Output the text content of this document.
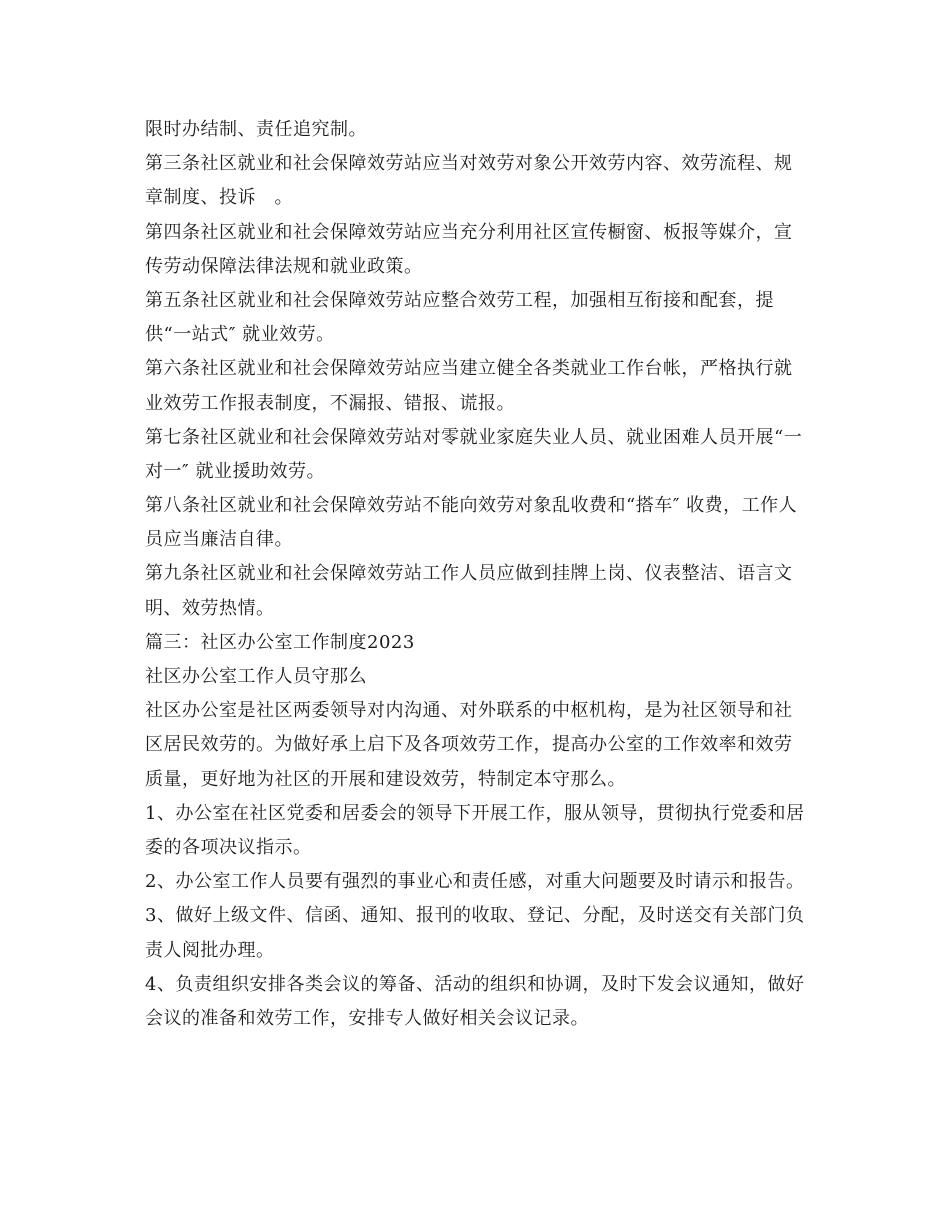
限时办结制、责任追究制。
第三条社区就业和社会保障效劳站应当对效劳对象公开效劳内容、效劳流程、规
章制度、投诉　。
第四条社区就业和社会保障效劳站应当充分利用社区宣传橱窗、板报等媒介，宣
传劳动保障法律法规和就业政策。
第五条社区就业和社会保障效劳站应整合效劳工程，加强相互衔接和配套，提
供“一站式″ 就业效劳。
第六条社区就业和社会保障效劳站应当建立健全各类就业工作台帐，严格执行就
业效劳工作报表制度，不漏报、错报、谎报。
第七条社区就业和社会保障效劳站对零就业家庭失业人员、就业困难人员开展“一
对一″ 就业援助效劳。
第八条社区就业和社会保障效劳站不能向效劳对象乱收费和“搭车″ 收费，工作人
员应当廉洁自律。
第九条社区就业和社会保障效劳站工作人员应做到挂牌上岗、仪表整洁、语言文
明、效劳热情。
篇三：社区办公室工作制度2023
社区办公室工作人员守那么
社区办公室是社区两委领导对内沟通、对外联系的中枢机构，是为社区领导和社
区居民效劳的。为做好承上启下及各项效劳工作，提高办公室的工作效率和效劳
质量，更好地为社区的开展和建设效劳，特制定本守那么。
1、办公室在社区党委和居委会的领导下开展工作，服从领导，贯彻执行党委和居
委的各项决议指示。
2、办公室工作人员要有强烈的事业心和责任感，对重大问题要及时请示和报告。
3、做好上级文件、信函、通知、报刊的收取、登记、分配，及时送交有关部门负
责人阅批办理。
4、负责组织安排各类会议的筹备、活动的组织和协调，及时下发会议通知，做好
会议的准备和效劳工作，安排专人做好相关会议记录。
